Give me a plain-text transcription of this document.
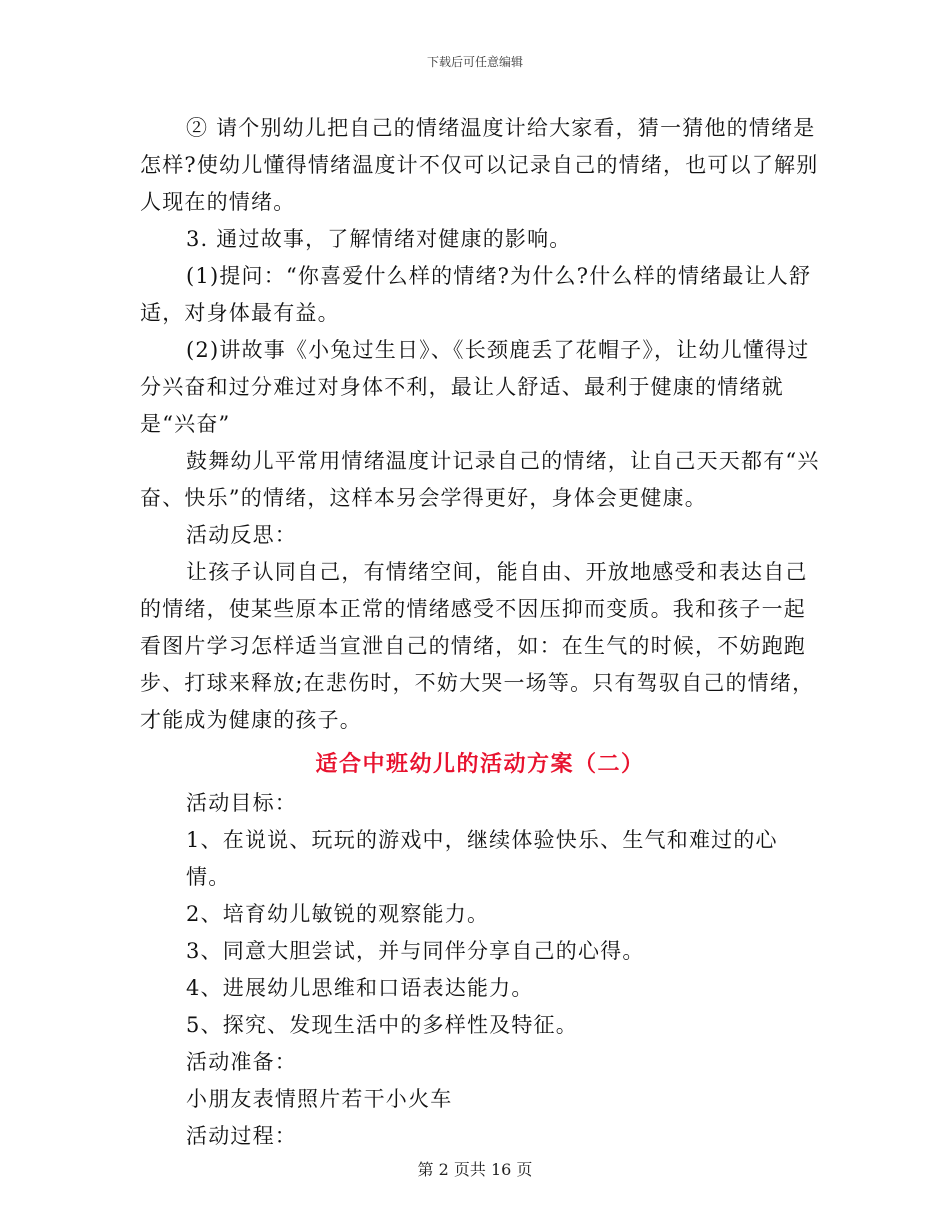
下载后可任意编辑

② 请个别幼儿把自己的情绪温度计给大家看，猜一猜他的情绪是怎样?使幼儿懂得情绪温度计不仅可以记录自己的情绪，也可以了解别人现在的情绪。

3. 通过故事，了解情绪对健康的影响。

(1)提问：“你喜爱什么样的情绪?为什么?什么样的情绪最让人舒适，对身体最有益。

(2)讲故事《小兔过生日》、《长颈鹿丢了花帽子》，让幼儿懂得过分兴奋和过分难过对身体不利，最让人舒适、最利于健康的情绪就是“兴奋”

鼓舞幼儿平常用情绪温度计记录自己的情绪，让自己天天都有“兴奋、快乐”的情绪，这样本另会学得更好，身体会更健康。

活动反思：

让孩子认同自己，有情绪空间，能自由、开放地感受和表达自己的情绪，使某些原本正常的情绪感受不因压抑而变质。我和孩子一起看图片学习怎样适当宣泄自己的情绪，如：在生气的时候，不妨跑跑步、打球来释放;在悲伤时，不妨大哭一场等。只有驾驭自己的情绪，才能成为健康的孩子。

适合中班幼儿的活动方案（二）

活动目标：

1、在说说、玩玩的游戏中，继续体验快乐、生气和难过的心情。

2、培育幼儿敏锐的观察能力。

3、同意大胆尝试，并与同伴分享自己的心得。

4、进展幼儿思维和口语表达能力。

5、探究、发现生活中的多样性及特征。

活动准备：

小朋友表情照片若干小火车

活动过程：

第 2 页共 16 页
